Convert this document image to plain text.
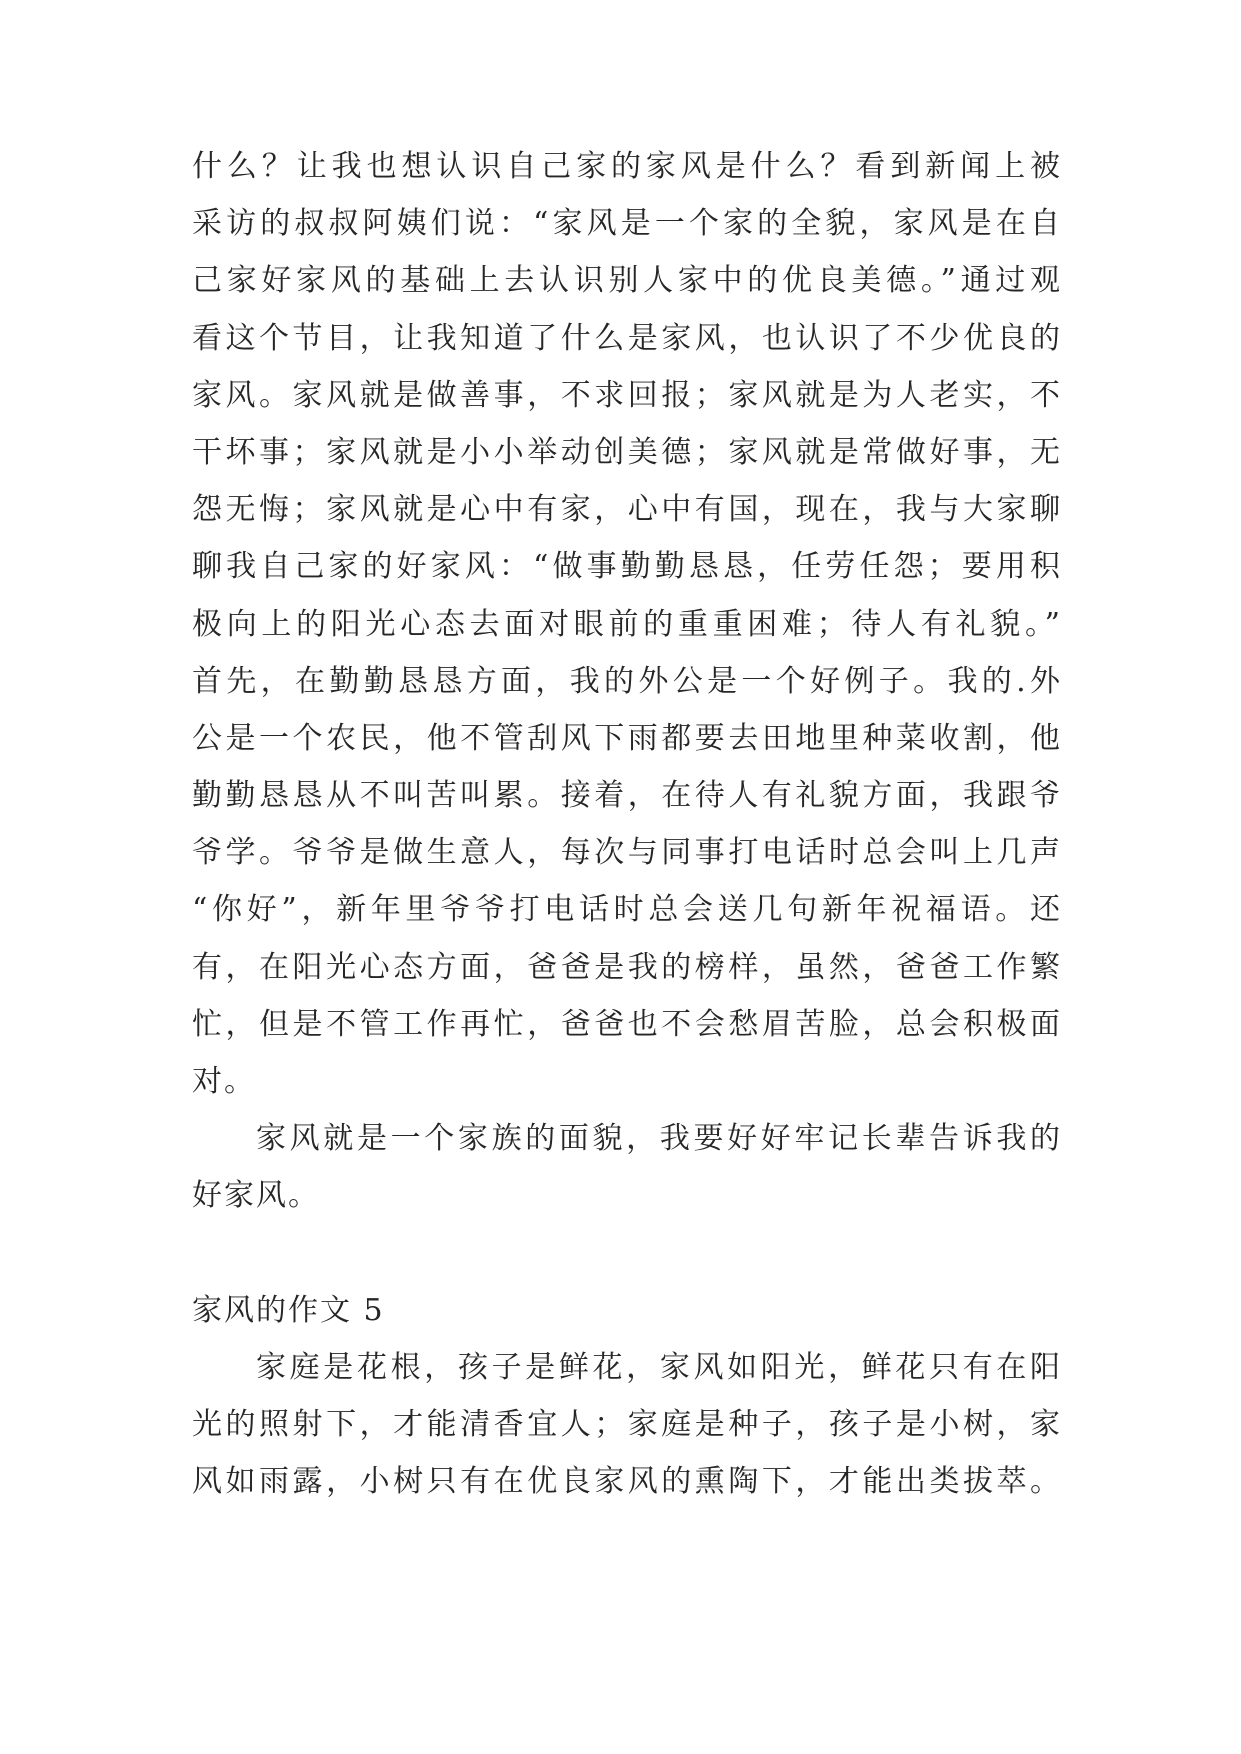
什么？让我也想认识自己家的家风是什么？看到新闻上被
采访的叔叔阿姨们说：“家风是一个家的全貌，家风是在自
己家好家风的基础上去认识别人家中的优良美德。”通过观
看这个节目，让我知道了什么是家风，也认识了不少优良的
家风。家风就是做善事，不求回报；家风就是为人老实，不
干坏事；家风就是小小举动创美德；家风就是常做好事，无
怨无悔；家风就是心中有家，心中有国，现在，我与大家聊
聊我自己家的好家风：“做事勤勤恳恳，任劳任怨；要用积
极向上的阳光心态去面对眼前的重重困难；待人有礼貌。”
首先，在勤勤恳恳方面，我的外公是一个好例子。我的.外
公是一个农民，他不管刮风下雨都要去田地里种菜收割，他
勤勤恳恳从不叫苦叫累。接着，在待人有礼貌方面，我跟爷
爷学。爷爷是做生意人，每次与同事打电话时总会叫上几声
“你好”，新年里爷爷打电话时总会送几句新年祝福语。还
有，在阳光心态方面，爸爸是我的榜样，虽然，爸爸工作繁
忙，但是不管工作再忙，爸爸也不会愁眉苦脸，总会积极面
对。
家风就是一个家族的面貌，我要好好牢记长辈告诉我的
好家风。
家风的作文 5
家庭是花根，孩子是鲜花，家风如阳光，鲜花只有在阳
光的照射下，才能清香宜人；家庭是种子，孩子是小树，家
风如雨露，小树只有在优良家风的熏陶下，才能出类拔萃。
